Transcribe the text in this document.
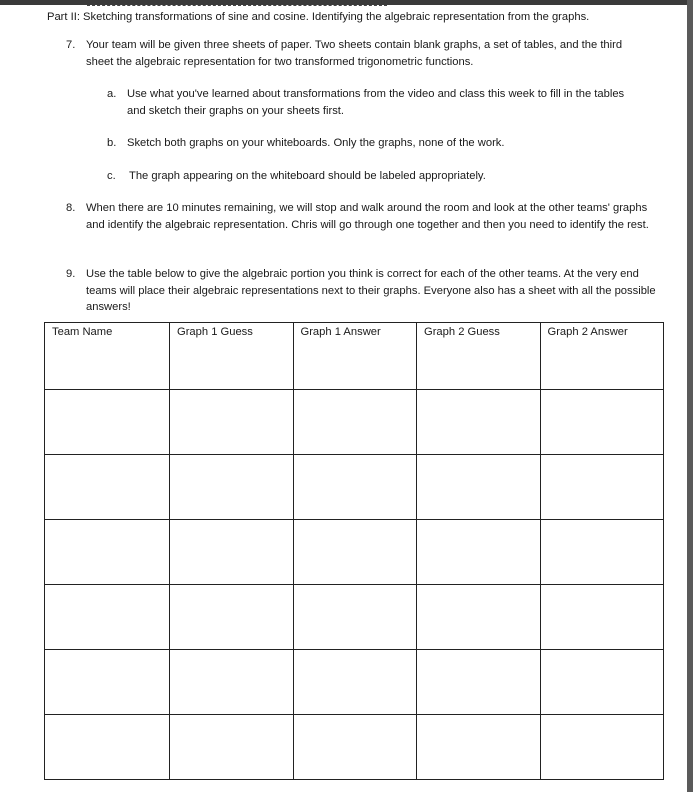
Part II: Sketching transformations of sine and cosine. Identifying the algebraic representation from the graphs.
7. Your team will be given three sheets of paper. Two sheets contain blank graphs, a set of tables, and the third sheet the algebraic representation for two transformed trigonometric functions.
a. Use what you've learned about transformations from the video and class this week to fill in the tables and sketch their graphs on your sheets first.
b. Sketch both graphs on your whiteboards. Only the graphs, none of the work.
c. The graph appearing on the whiteboard should be labeled appropriately.
8. When there are 10 minutes remaining, we will stop and walk around the room and look at the other teams' graphs and identify the algebraic representation. Chris will go through one together and then you need to identify the rest.
9. Use the table below to give the algebraic portion you think is correct for each of the other teams. At the very end teams will place their algebraic representations next to their graphs. Everyone also has a sheet with all the possible answers!
Team Name	Graph 1 Guess	Graph 1 Answer	Graph 2 Guess	Graph 2 Answer
